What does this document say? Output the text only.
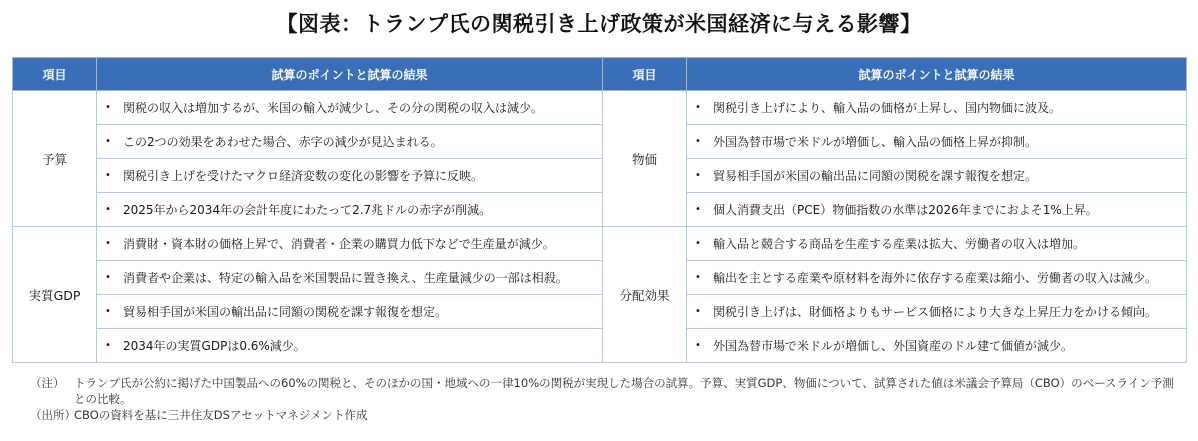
【図表：トランプ氏の関税引き上げ政策が米国経済に与える影響】
項目	試算のポイントと試算の結果	項目	試算のポイントと試算の結果
予算	• 関税の収入は増加するが、米国の輸入が減少し、その分の関税の収入は減少。	物価	• 関税引き上げにより、輸入品の価格が上昇し、国内物価に波及。
	• この2つの効果をあわせた場合、赤字の減少が見込まれる。		• 外国為替市場で米ドルが増価し、輸入品の価格上昇が抑制。
	• 関税引き上げを受けたマクロ経済変数の変化の影響を予算に反映。		• 貿易相手国が米国の輸出品に同額の関税を課す報復を想定。
	• 2025年から2034年の会計年度にわたって2.7兆ドルの赤字が削減。		• 個人消費支出（PCE）物価指数の水準は2026年までにおよそ1%上昇。
実質GDP	• 消費財・資本財の価格上昇で、消費者・企業の購買力低下などで生産量が減少。	分配効果	• 輸入品と競合する商品を生産する産業は拡大、労働者の収入は増加。
	• 消費者や企業は、特定の輸入品を米国製品に置き換え、生産量減少の一部は相殺。		• 輸出を主とする産業や原材料を海外に依存する産業は縮小、労働者の収入は減少。
	• 貿易相手国が米国の輸出品に同額の関税を課す報復を想定。		• 関税引き上げは、財価格よりもサービス価格により大きな上昇圧力をかける傾向。
	• 2034年の実質GDPは0.6%減少。		• 外国為替市場で米ドルが増価し、外国資産のドル建て価値が減少。
（注） トランプ氏が公約に掲げた中国製品への60%の関税と、そのほかの国・地域への一律10%の関税が実現した場合の試算。予算、実質GDP、物価について、試算された値は米議会予算局（CBO）のベースライン予測との比較。
（出所）
CBOの資料を基に三井住友DSアセットマネジメント作成
